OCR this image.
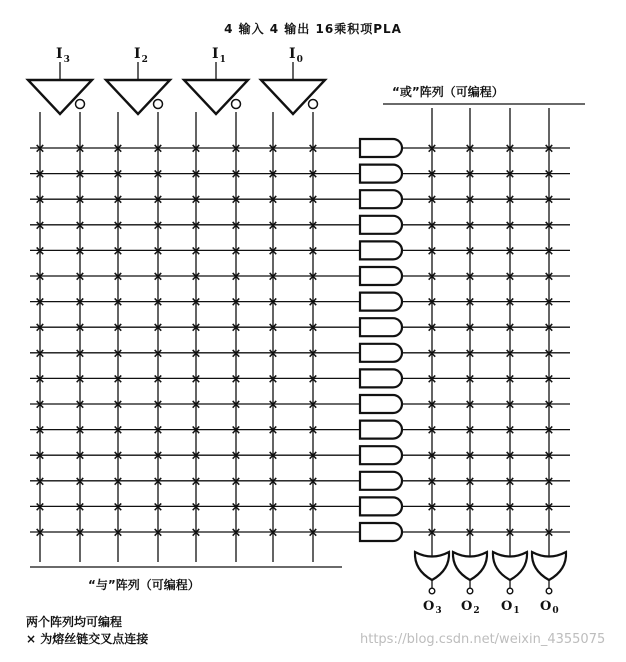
4 输入 4 输出 16乘积项PLA
“或”阵列（可编程）
“与”阵列（可编程）
两个阵列均可编程
× 为熔丝链交叉点连接	https://blog.csdn.net/weixin_4355075
× × × × × × × ×	× × × ×
× × × × × × × ×	× × × ×
× × × × × × × ×	× × × ×
× × × × × × × ×	× × × ×
× × × × × × × ×	× × × ×
× × × × × × × ×	× × × ×
× × × × × × × ×	× × × ×
× × × × × × × ×	× × × ×
× × × × × × × ×	× × × ×
× × × × × × × ×	× × × ×
× × × × × × × ×	× × × ×
× × × × × × × ×	× × × ×
× × × × × × × ×	× × × ×
× × × × × × × ×	× × × ×
× × × × × × × ×	× × × ×
× × × × × × × ×	× × × ×
$I_3$	$I_2$	$I_1$	$I_0$
$O_3$ $O_2$ $O_1$ $O_0$
